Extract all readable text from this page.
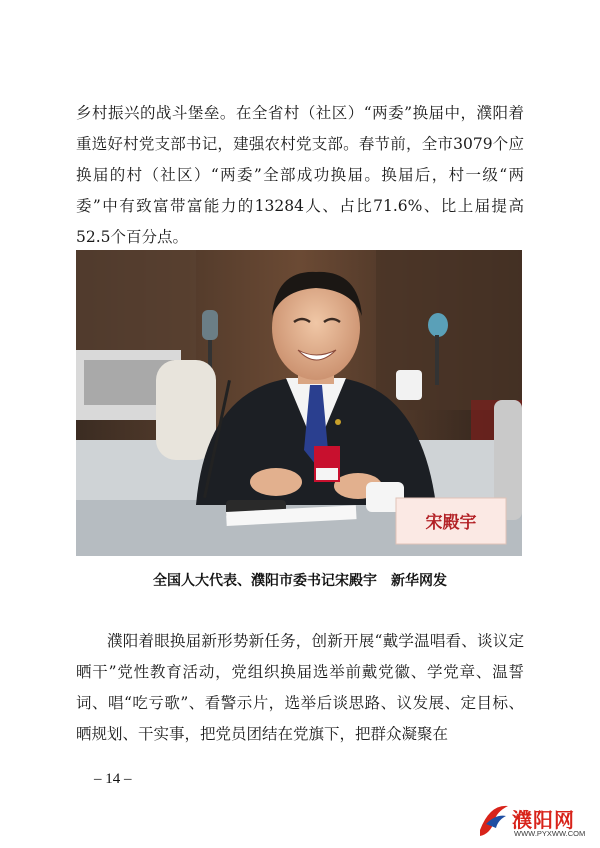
乡村振兴的战斗堡垒。在全省村（社区）“两委”换届中，濮阳着重选好村党支部书记，建强农村党支部。春节前，全市3079个应换届的村（社区）“两委”全部成功换届。换届后，村一级“两委”中有致富带富能力的13284人、占比71.6%、比上届提高52.5个百分点。

宋殿宇
全国人大代表、濮阳市委书记宋殿宇　新华网发

濮阳着眼换届新形势新任务，创新开展“戴学温唱看、谈议定晒干”党性教育活动，党组织换届选举前戴党徽、学党章、温誓词、唱“吃亏歌”、看警示片，选举后谈思路、议发展、定目标、晒规划、干实事，把党员团结在党旗下，把群众凝聚在

– 14 –
濮阳网
WWW.PYXWW.COM
